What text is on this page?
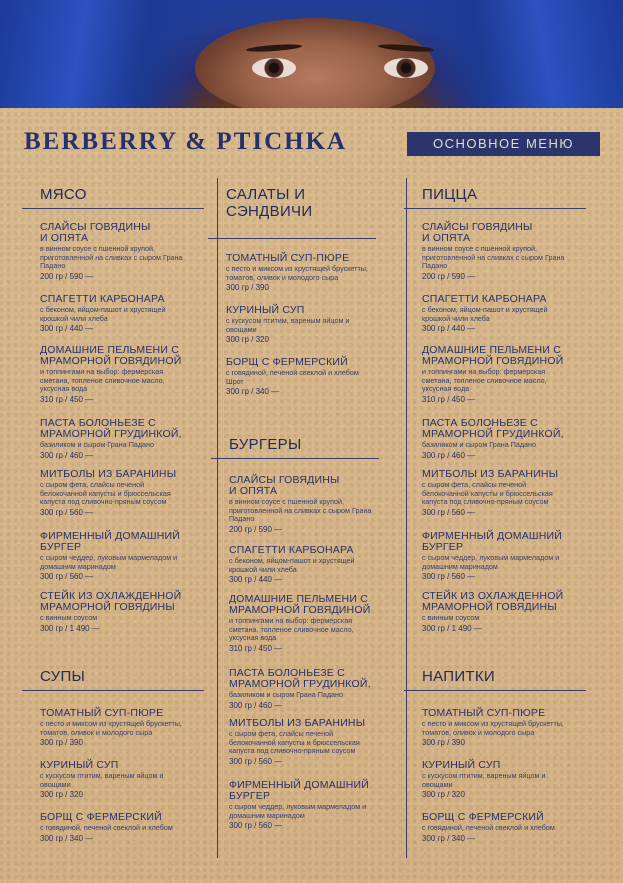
BERBERRY & PTICHKA	ОСНОВНОЕ МЕНЮ
МЯСО
СЛАЙСЫ ГОВЯДИНЫ
И ОПЯТА
в винном соусе с пшенной крупой,
приготовленной на сливках с сыром Грана
Падано
200 гр / 590 —
СПАГЕТТИ КАРБОНАРА
с беконом, яйцом-пашот и хрустящей
крошкой чили хлеба
300 гр / 440 —
ДОМАШНИЕ ПЕЛЬМЕНИ С
МРАМОРНОЙ ГОВЯДИНОЙ
и топпингами на выбор: фермерская
сметана, топленое сливочное масло,
уксусная вода
310 гр / 450 —
ПАСТА БОЛОНЬЕЗЕ С
МРАМОРНОЙ ГРУДИНКОЙ,
базиликом и сыром Грана Падано
300 гр / 460 —
МИТБОЛЫ ИЗ БАРАНИНЫ
с сыром фета, слайсы печеной
белокочанной капусты и брюссельская
капуста под сливочно-пряным соусом
300 гр / 560 —
ФИРМЕННЫЙ ДОМАШНИЙ
БУРГЕР
с сыром чеддер, луковым мармеладом и
домашним маринадом
300 гр / 560 —
СТЕЙК ИЗ ОХЛАЖДЕННОЙ
МРАМОРНОЙ ГОВЯДИНЫ
с винным соусом
300 гр / 1 490 —
СУПЫ
ТОМАТНЫЙ СУП-ПЮРЕ
с песто и миксом из хрустящей брускетты,
томатов, оливок и молодого сыра
300 гр / 390
КУРИНЫЙ СУП
с кускусом птитим, вареным яйцом и
овощами
300 гр / 320
БОРЩ С ФЕРМЕРСКИЙ
с говядиной, печеной свеклой и хлебом
300 гр / 340 —
САЛАТЫ И
СЭНДВИЧИ
ТОМАТНЫЙ СУП-ПЮРЕ
с песто и миксом из хрустящей брускетты,
томатов, оливок и молодого сыра
300 гр / 390
КУРИНЫЙ СУП
с кускусом птитим, вареным яйцом и
овощами
300 гр / 320
БОРЩ С ФЕРМЕРСКИЙ
с говядиной, печеной свеклой и хлебом
Шрот
300 гр / 340 —
БУРГЕРЫ
СЛАЙСЫ ГОВЯДИНЫ
И ОПЯТА
в винном соусе с пшенной крупой,
приготовленной на сливках с сыром Грана
Падано
200 гр / 590 —
СПАГЕТТИ КАРБОНАРА
с беконом, яйцом-пашот и хрустящей
крошкой чили хлеба
300 гр / 440 —
ДОМАШНИЕ ПЕЛЬМЕНИ С
МРАМОРНОЙ ГОВЯДИНОЙ
и топпингами на выбор: фермерская
сметана, топленое сливочное масло,
уксусная вода
310 гр / 450 —
ПАСТА БОЛОНЬЕЗЕ С
МРАМОРНОЙ ГРУДИНКОЙ,
базиликом и сыром Грана Падано
300 гр / 460 —
МИТБОЛЫ ИЗ БАРАНИНЫ
с сыром фета, слайсы печеной
белокочанной капусты и брюссельская
капуста под сливочно-пряным соусом
300 гр / 560 —
ФИРМЕННЫЙ ДОМАШНИЙ
БУРГЕР
с сыром чеддер, луковым мармеладом и
домашним маринадом
300 гр / 560 —
ПИЦЦА
СЛАЙСЫ ГОВЯДИНЫ
И ОПЯТА
в винном соусе с пшенной крупой,
приготовленной на сливках с сыром Грана
Падано
200 гр / 590 —
СПАГЕТТИ КАРБОНАРА
с беконом, яйцом-пашот и хрустящей
крошкой чили хлеба
300 гр / 440 —
ДОМАШНИЕ ПЕЛЬМЕНИ С
МРАМОРНОЙ ГОВЯДИНОЙ
и топпингами на выбор: фермерская
сметана, топленое сливочное масло,
уксусная вода
310 гр / 450 —
ПАСТА БОЛОНЬЕЗЕ С
МРАМОРНОЙ ГРУДИНКОЙ,
базиликом и сыром Грана Падано
300 гр / 460 —
МИТБОЛЫ ИЗ БАРАНИНЫ
с сыром фета, слайсы печеной
белокочанной капусты и брюссельская
капуста под сливочно-пряным соусом
300 гр / 560 —
ФИРМЕННЫЙ ДОМАШНИЙ
БУРГЕР
с сыром чеддер, луковым мармеладом и
домашним маринадом
300 гр / 560 —
СТЕЙК ИЗ ОХЛАЖДЕННОЙ
МРАМОРНОЙ ГОВЯДИНЫ
с винным соусом
300 гр / 1 490 —
НАПИТКИ
ТОМАТНЫЙ СУП-ПЮРЕ
с песто и миксом из хрустящей брускетты,
томатов, оливок и молодого сыра
300 гр / 390
КУРИНЫЙ СУП
с кускусом птитим, вареным яйцом и
овощами
300 гр / 320
БОРЩ С ФЕРМЕРСКИЙ
с говядиной, печеной свеклой и хлебом
300 гр / 340 —
